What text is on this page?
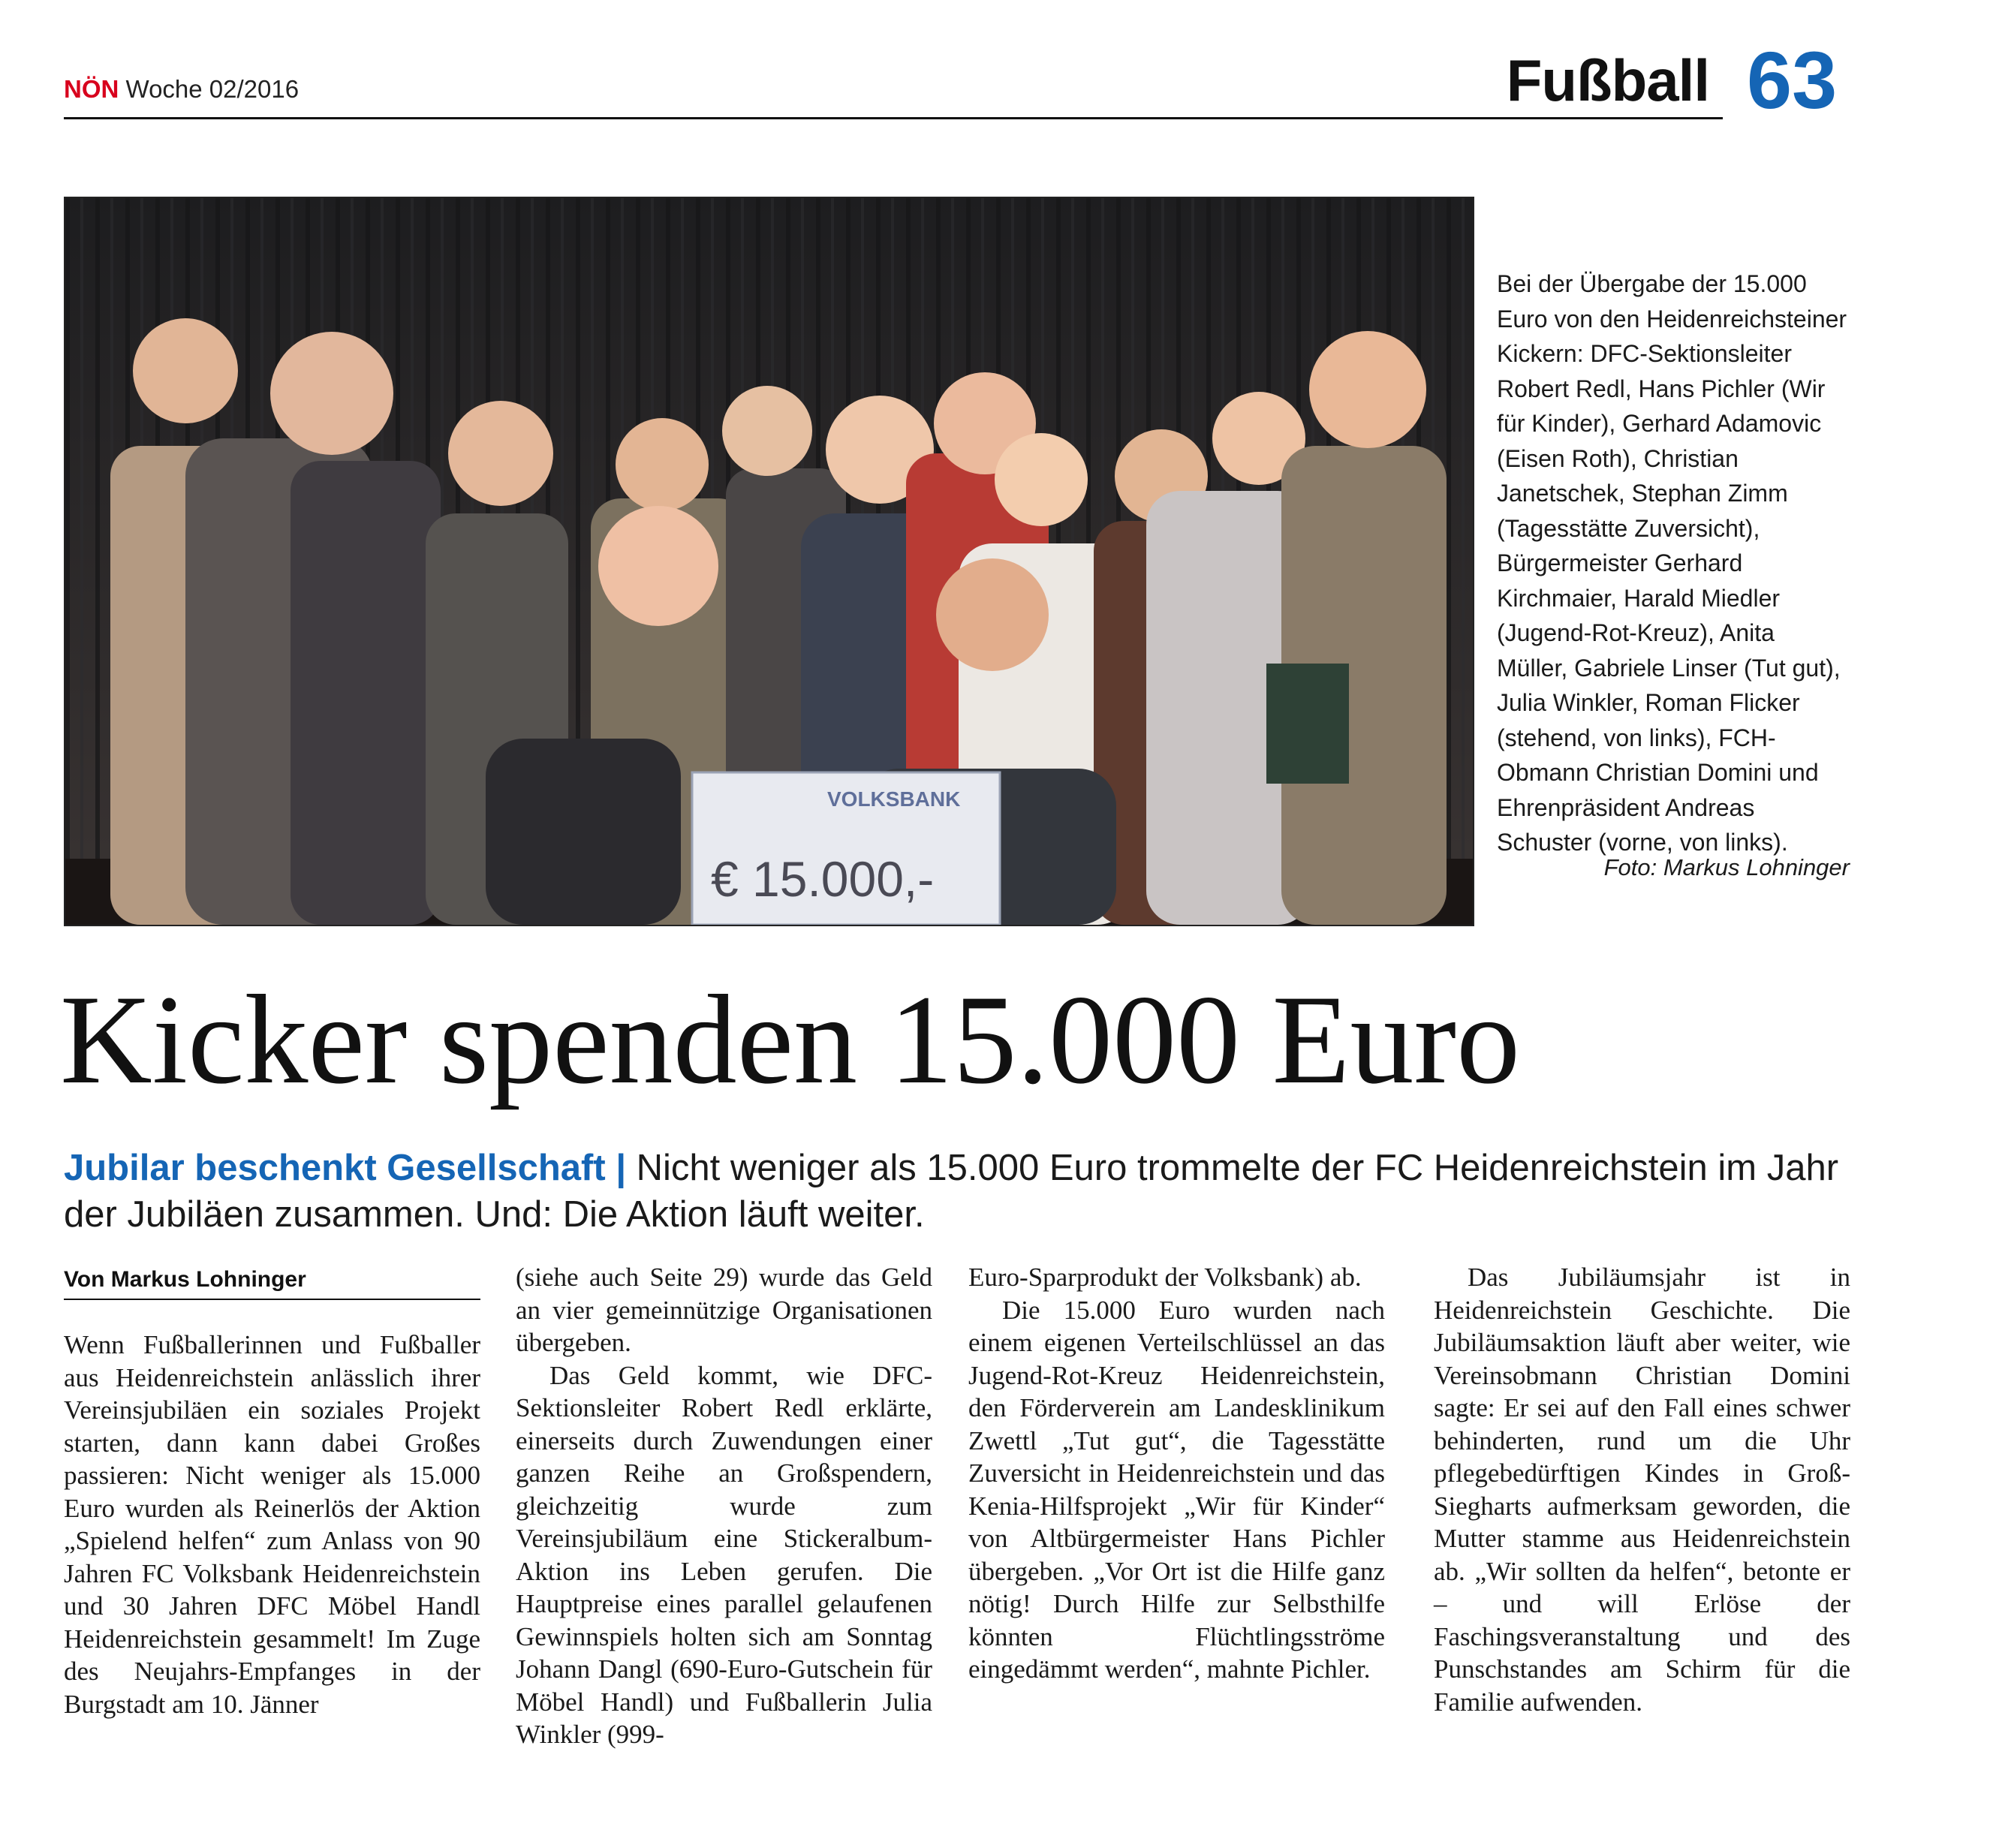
NÖN Woche 02/2016	Fußball 63
VOLKSBANK
€ 15.000,-
Bei der Übergabe der 15.000 Euro von den Heidenreichsteiner Kickern: DFC-Sektionsleiter Robert Redl, Hans Pichler (Wir für Kinder), Gerhard Adamovic (Eisen Roth), Christian Janetschek, Stephan Zimm (Tagesstätte Zuversicht), Bürgermeister Gerhard Kirchmaier, Harald Miedler (Jugend-Rot-Kreuz), Anita Müller, Gabriele Linser (Tut gut), Julia Winkler, Roman Flicker (stehend, von links), FCH-Obmann Christian Domini und Ehrenpräsident Andreas Schuster (vorne, von links).
Foto: Markus Lohninger
Kicker spenden 15.000 Euro
Jubilar beschenkt Gesellschaft | Nicht weniger als 15.000 Euro trommelte der FC Heidenreichstein im Jahr der Jubiläen zusammen. Und: Die Aktion läuft weiter.
Von Markus Lohninger

Wenn Fußballerinnen und Fußballer aus Heidenreichstein anlässlich ihrer Vereinsjubiläen ein soziales Projekt starten, dann kann dabei Großes passieren: Nicht weniger als 15.000 Euro wurden als Reinerlös der Aktion „Spielend helfen“ zum Anlass von 90 Jahren FC Volksbank Heidenreichstein und 30 Jahren DFC Möbel Handl Heidenreichstein gesammelt! Im Zuge des Neujahrs-Empfanges in der Burgstadt am 10. Jänner

(siehe auch Seite 29) wurde das Geld an vier gemeinnützige Organisationen übergeben.

Das Geld kommt, wie DFC-Sektionsleiter Robert Redl erklärte, einerseits durch Zuwendungen einer ganzen Reihe an Großspendern, gleichzeitig wurde zum Vereinsjubiläum eine Stickeralbum-Aktion ins Leben gerufen. Die Hauptpreise eines parallel gelaufenen Gewinnspiels holten sich am Sonntag Johann Dangl (690-Euro-Gutschein für Möbel Handl) und Fußballerin Julia Winkler (999-

Euro-Sparprodukt der Volksbank) ab.

Die 15.000 Euro wurden nach einem eigenen Verteilschlüssel an das Jugend-Rot-Kreuz Heidenreichstein, den Förderverein am Landesklinikum Zwettl „Tut gut“, die Tagesstätte Zuversicht in Heidenreichstein und das Kenia-Hilfsprojekt „Wir für Kinder“ von Altbürgermeister Hans Pichler übergeben. „Vor Ort ist die Hilfe ganz nötig! Durch Hilfe zur Selbsthilfe könnten Flüchtlingsströme eingedämmt werden“, mahnte Pichler.

Das Jubiläumsjahr ist in Heidenreichstein Geschichte. Die Jubiläumsaktion läuft aber weiter, wie Vereinsobmann Christian Domini sagte: Er sei auf den Fall eines schwer behinderten, rund um die Uhr pflegebedürftigen Kindes in Groß-Siegharts aufmerksam geworden, die Mutter stamme aus Heidenreichstein ab. „Wir sollten da helfen“, betonte er – und will Erlöse der Faschingsveranstaltung und des Punschstandes am Schirm für die Familie aufwenden.
